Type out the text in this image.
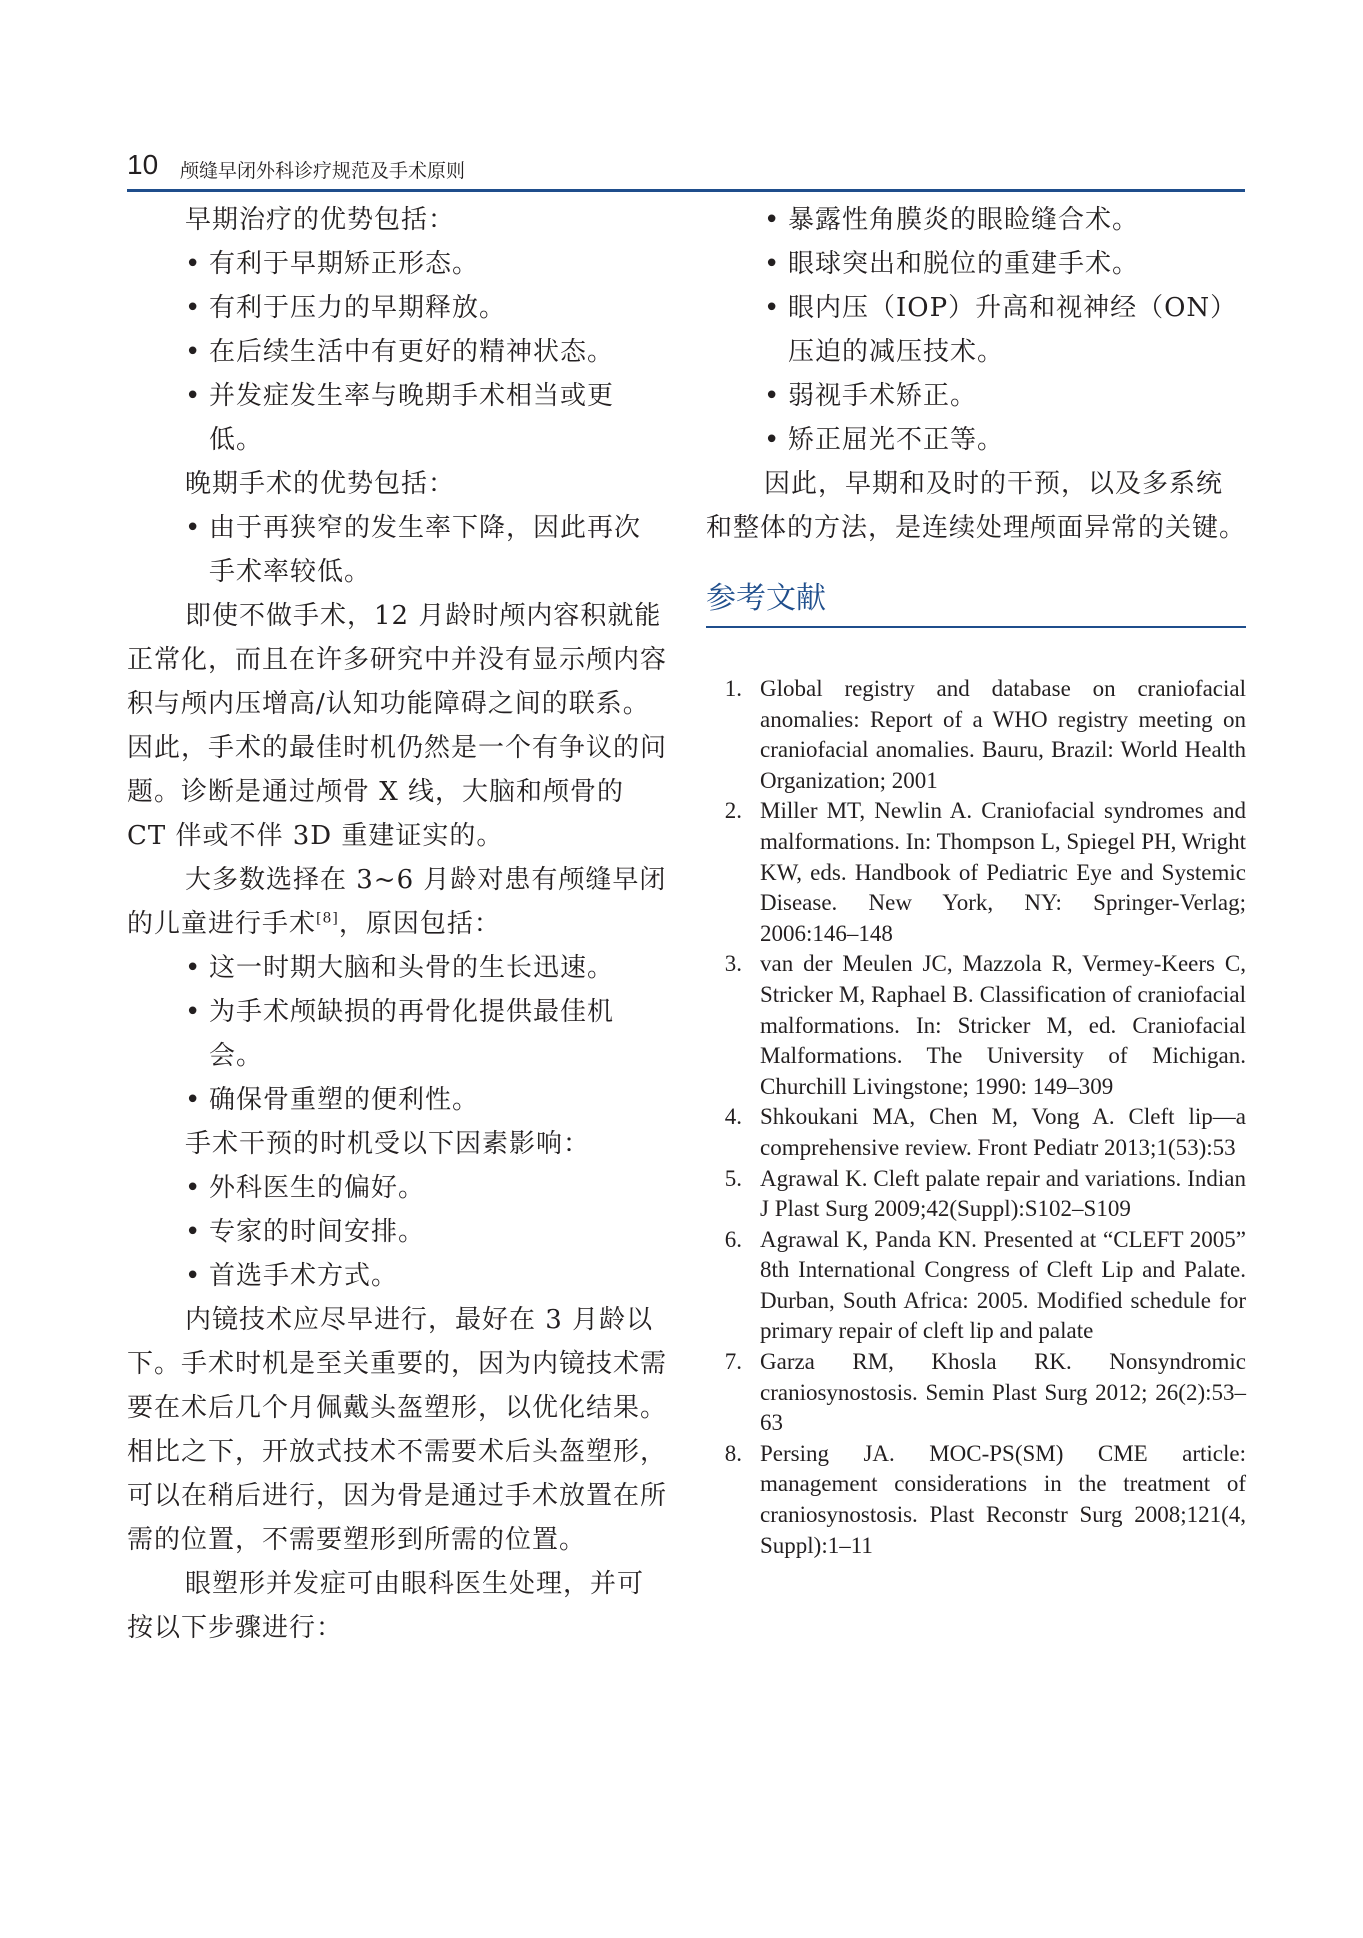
10 颅缝早闭外科诊疗规范及手术原则

早期治疗的优势包括：

• 有利于早期矫正形态。
• 有利于压力的早期释放。
• 在后续生活中有更好的精神状态。
• 并发症发生率与晚期手术相当或更低。

晚期手术的优势包括：

• 由于再狭窄的发生率下降，因此再次手术率较低。

即使不做手术，12 月龄时颅内容积就能正常化，而且在许多研究中并没有显示颅内容积与颅内压增高/认知功能障碍之间的联系。因此，手术的最佳时机仍然是一个有争议的问题。诊断是通过颅骨 X 线，大脑和颅骨的 CT 伴或不伴 3D 重建证实的。

大多数选择在 3~6 月龄对患有颅缝早闭的儿童进行手术[8]，原因包括：

• 这一时期大脑和头骨的生长迅速。
• 为手术颅缺损的再骨化提供最佳机会。
• 确保骨重塑的便利性。

手术干预的时机受以下因素影响：

• 外科医生的偏好。
• 专家的时间安排。
• 首选手术方式。

内镜技术应尽早进行，最好在 3 月龄以下。手术时机是至关重要的，因为内镜技术需要在术后几个月佩戴头盔塑形，以优化结果。相比之下，开放式技术不需要术后头盔塑形，可以在稍后进行，因为骨是通过手术放置在所需的位置，不需要塑形到所需的位置。

眼塑形并发症可由眼科医生处理，并可按以下步骤进行：

• 暴露性角膜炎的眼睑缝合术。
• 眼球突出和脱位的重建手术。
• 眼内压（IOP）升高和视神经（ON）压迫的减压技术。
• 弱视手术矫正。
• 矫正屈光不正等。

因此，早期和及时的干预，以及多系统和整体的方法，是连续处理颅面异常的关键。

参考文献
1. Global registry and database on craniofacial anomalies: Report of a WHO registry meeting on craniofacial anomalies. Bauru, Brazil: World Health Organization; 2001
2. Miller MT, Newlin A. Craniofacial syndromes and malformations. In: Thompson L, Spiegel PH, Wright KW, eds. Handbook of Pediatric Eye and Systemic Disease. New York, NY: Springer-Verlag; 2006:146–148
3. van der Meulen JC, Mazzola R, Vermey-Keers C, Stricker M, Raphael B. Classification of craniofacial malformations. In: Stricker M, ed. Craniofacial Malformations. The University of Michigan. Churchill Livingstone; 1990: 149–309
4. Shkoukani MA, Chen M, Vong A. Cleft lip—a comprehensive review. Front Pediatr 2013;1(53):53
5. Agrawal K. Cleft palate repair and variations. Indian J Plast Surg 2009;42(Suppl):S102–S109
6. Agrawal K, Panda KN. Presented at “CLEFT 2005” 8th International Congress of Cleft Lip and Palate. Durban, South Africa: 2005. Modified schedule for primary repair of cleft lip and palate
7. Garza RM, Khosla RK. Nonsyndromic craniosynostosis. Semin Plast Surg 2012; 26(2):53–63
8. Persing JA. MOC-PS(SM) CME article: management considerations in the treatment of craniosynostosis. Plast Reconstr Surg 2008;121(4, Suppl):1–11
